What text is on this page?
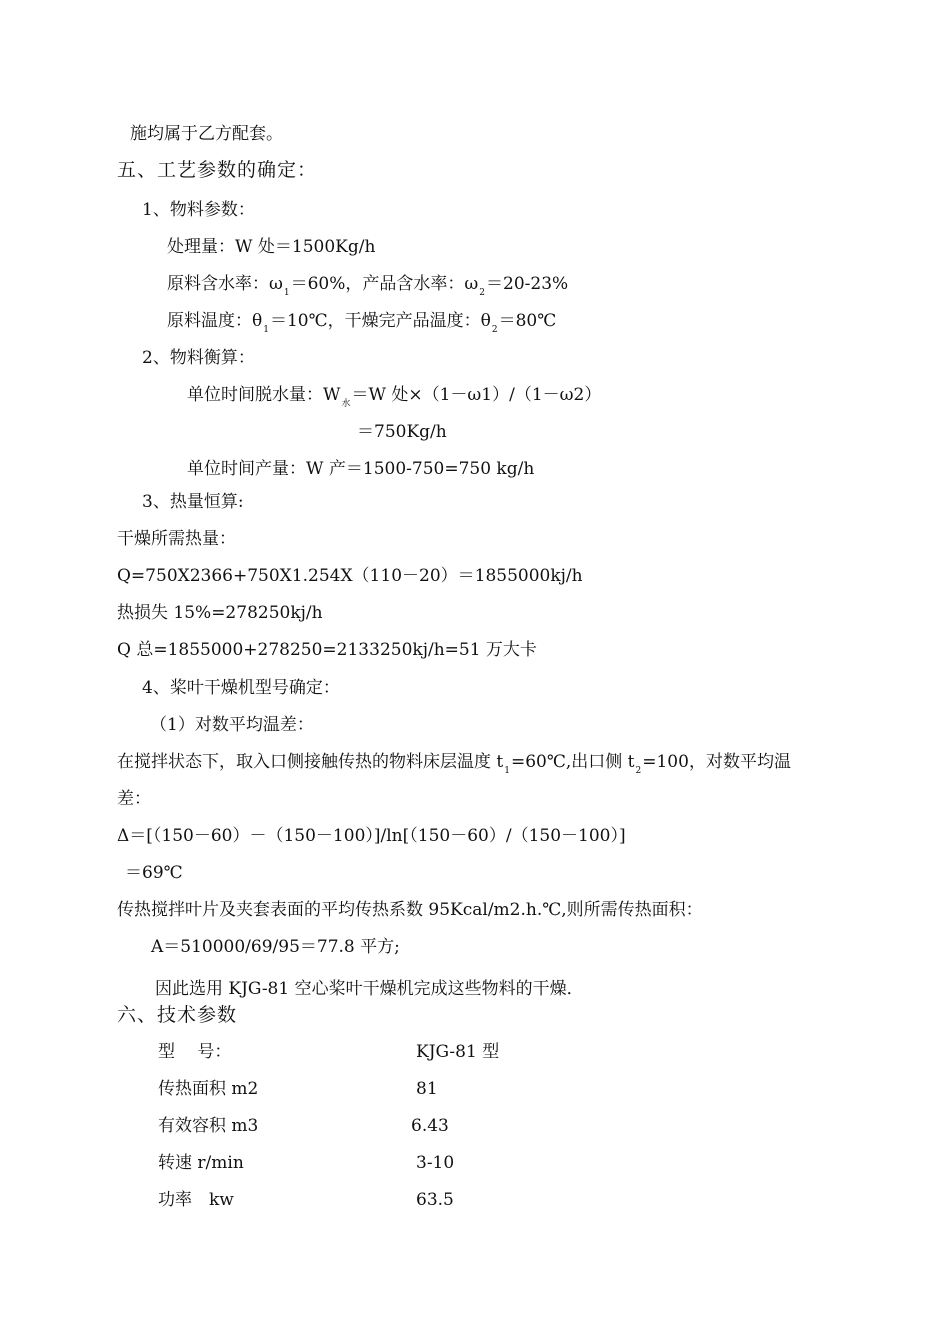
施均属于乙方配套。
五、工艺参数的确定：
1、物料参数：
处理量：W 处＝1500Kg/h
原料含水率：$\omega_1=60\%$，产品含水率：$\omega_2=20-23\%$
原料温度：$\theta_1=10℃$，干燥完产品温度：$\theta_2=80℃$
2、物料衡算：
单位时间脱水量：$W_水=W$ 处×（1－ω1）/（1－ω2）
＝750Kg/h
单位时间产量：W 产＝1500-750=750 kg/h
3、热量恒算:
干燥所需热量：
Q=750X2366+750X1.254X（110－20）＝1855000kj/h
热损失 15%=278250kj/h
Q 总=1855000+278250=2133250kj/h=51 万大卡
4、桨叶干燥机型号确定：
（1）对数平均温差：
在搅拌状态下，取入口侧接触传热的物料床层温度 $t_1=60℃$,出口侧 $t_2=100$，对数平均温
差：
Δ＝[（150－60）－（150－100）]/ln[（150－60）/（150－100）]
＝69℃
传热搅拌叶片及夹套表面的平均传热系数 95Kcal/m2.h.℃,则所需传热面积：
A＝510000/69/95＝77.8 平方;
因此选用 KJG-81 空心桨叶干燥机完成这些物料的干燥．
六、技术参数
型　 号：	KJG-81 型
传热面积 m2	81
有效容积 m3	6.43
转速 r/min	3-10
功率　kw	63.5
